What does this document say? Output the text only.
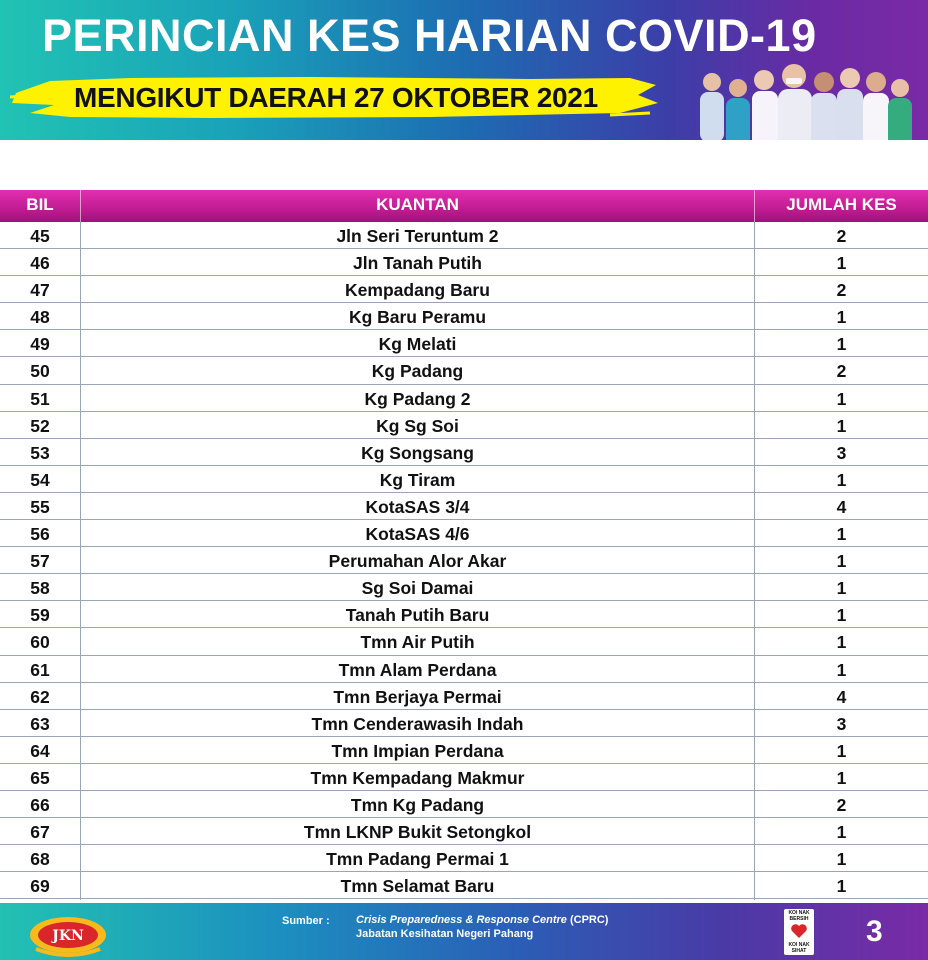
PERINCIAN KES HARIAN COVID-19
MENGIKUT DAERAH 27 OKTOBER 2021
BIL	KUANTAN	JUMLAH KES
45	Jln Seri Teruntum 2	2
46	Jln Tanah Putih	1
47	Kempadang Baru	2
48	Kg Baru Peramu	1
49	Kg Melati	1
50	Kg Padang	2
51	Kg Padang 2	1
52	Kg Sg Soi	1
53	Kg Songsang	3
54	Kg Tiram	1
55	KotaSAS 3/4	4
56	KotaSAS 4/6	1
57	Perumahan Alor Akar	1
58	Sg Soi Damai	1
59	Tanah Putih Baru	1
60	Tmn Air Putih	1
61	Tmn Alam Perdana	1
62	Tmn Berjaya Permai	4
63	Tmn Cenderawasih Indah	3
64	Tmn Impian Perdana	1
65	Tmn Kempadang Makmur	1
66	Tmn Kg Padang	2
67	Tmn LKNP Bukit Setongkol	1
68	Tmn Padang Permai 1	1
69	Tmn Selamat Baru	1
JKN
Sumber : Crisis Preparedness & Response Centre (CPRC)
Jabatan Kesihatan Negeri Pahang
KOI NAK BERSIH
KOI NAK SIHAT
3
